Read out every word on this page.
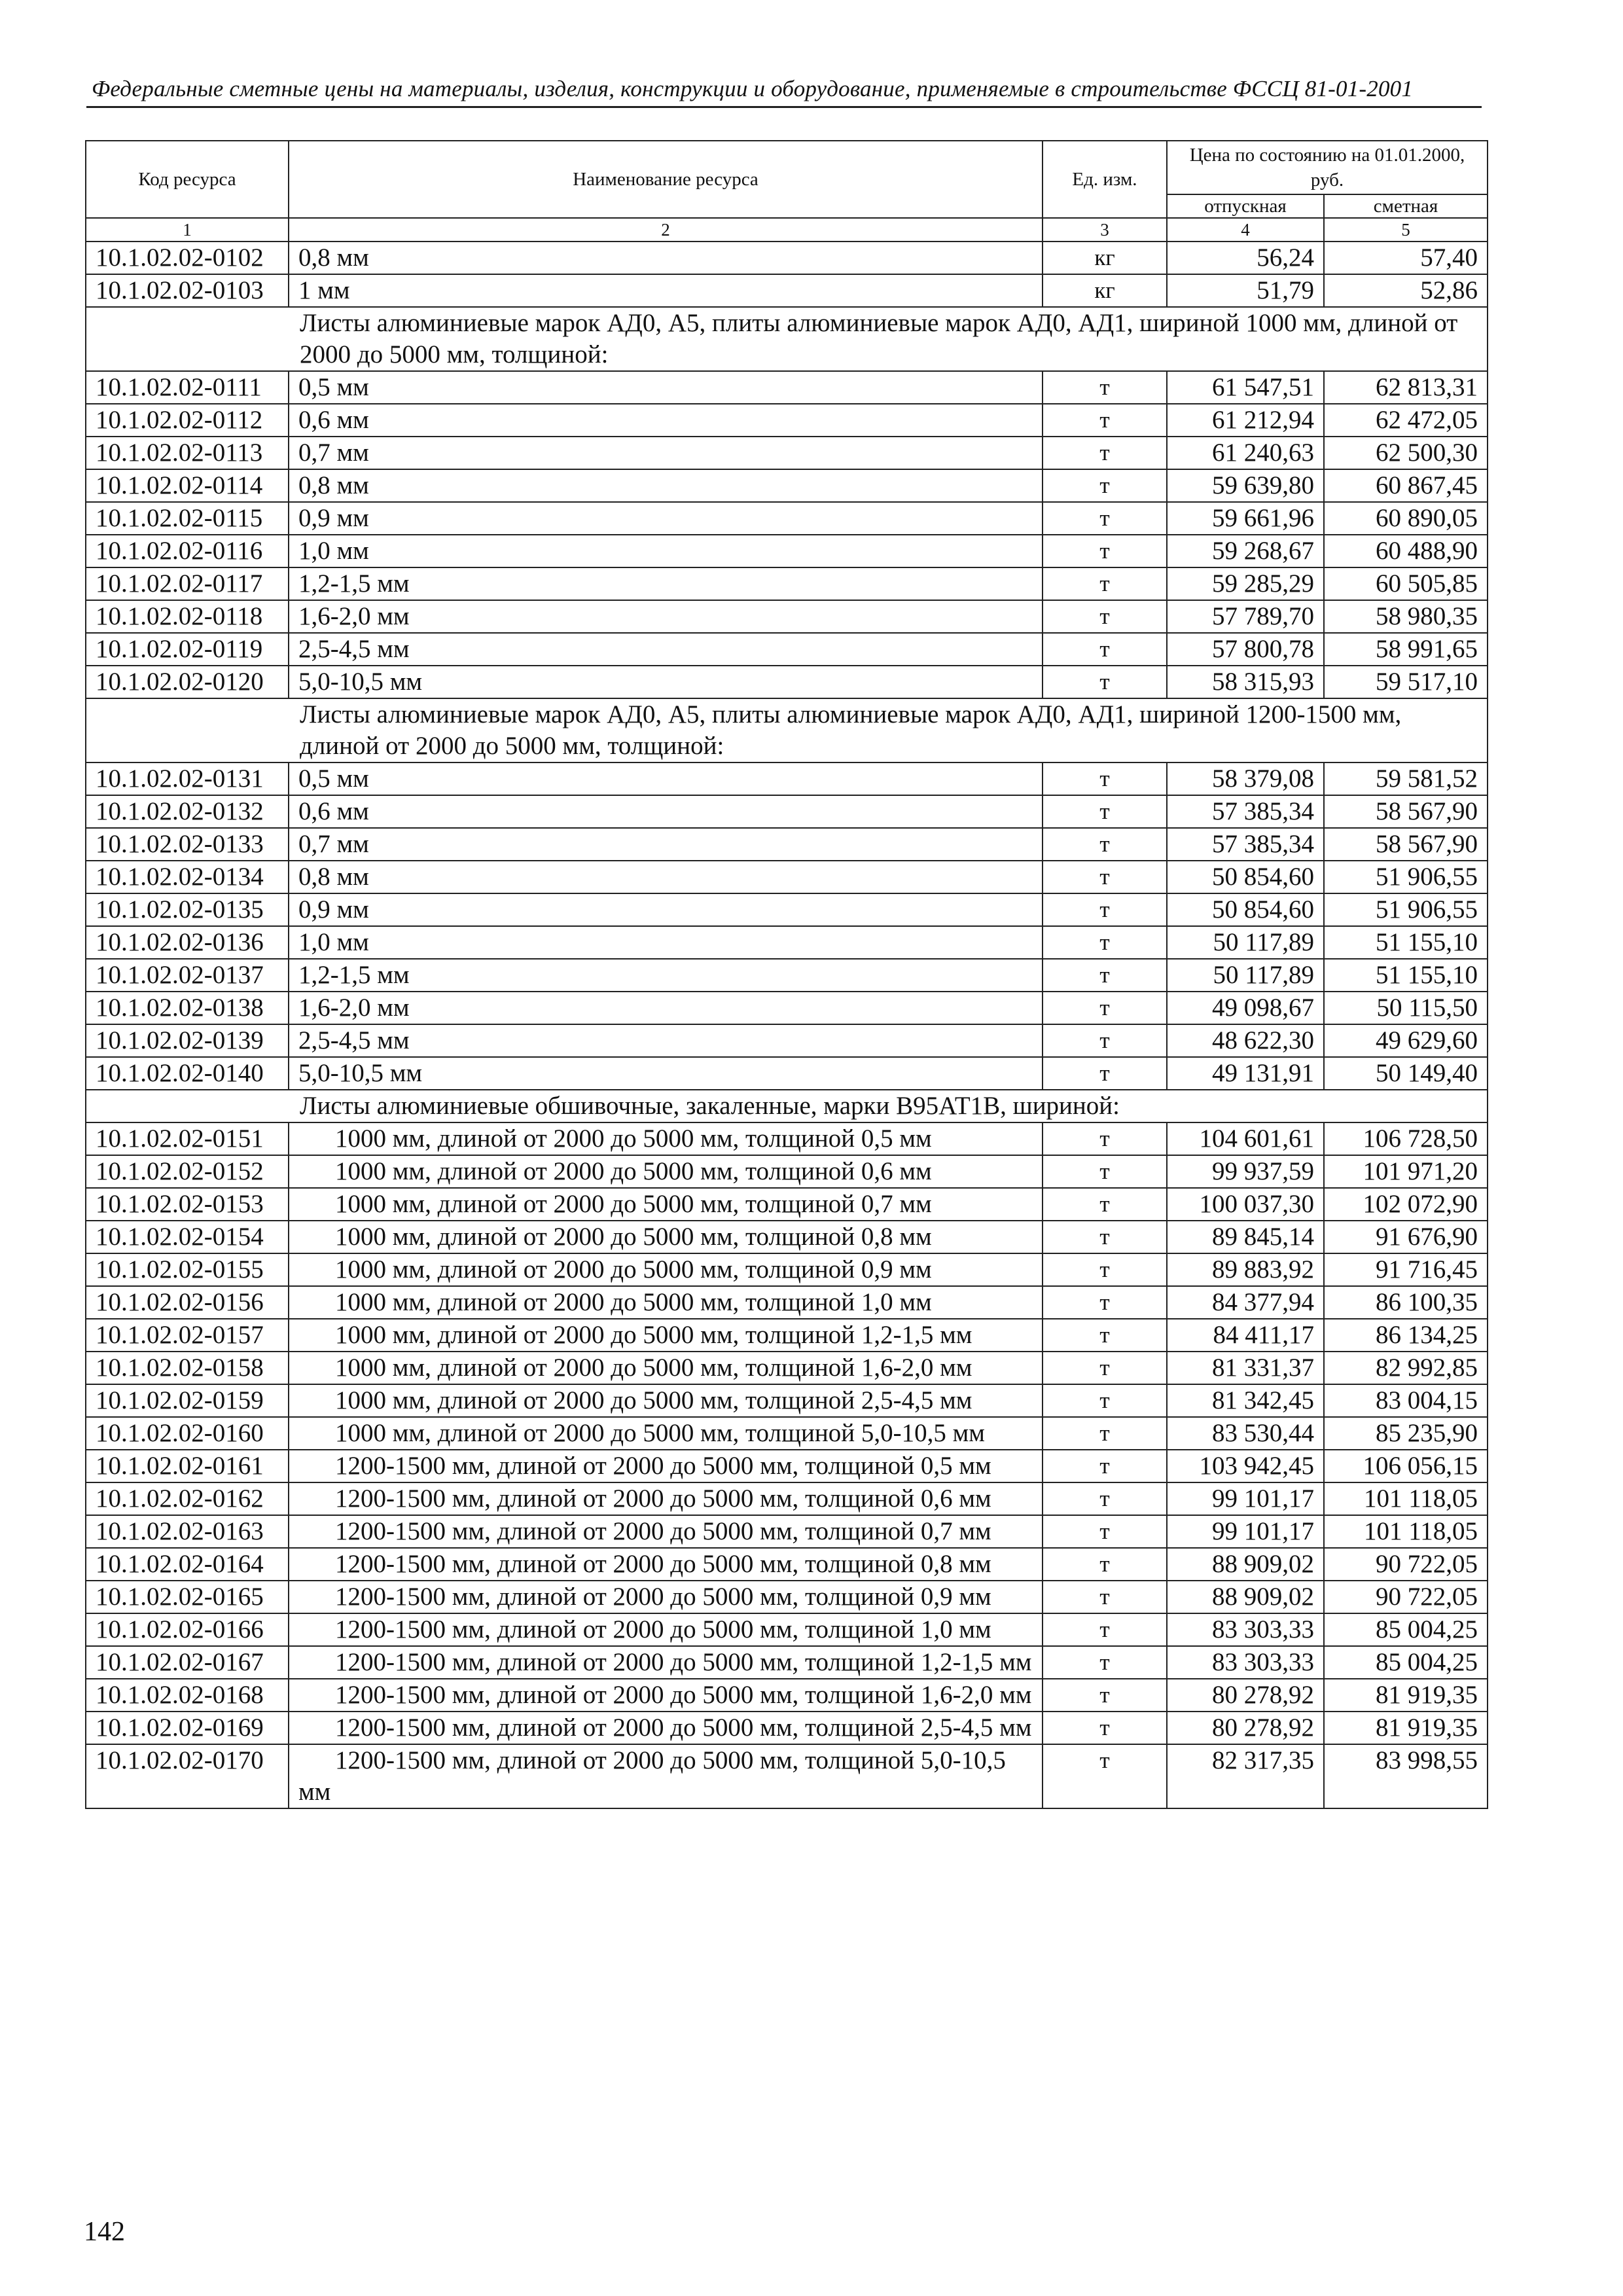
Федеральные сметные цены на материалы, изделия, конструкции и оборудование, применяемые в строительстве ФССЦ 81-01-2001
Код ресурса	Наименование ресурса	Ед. изм.	Цена по состоянию на 01.01.2000, руб.	
			отпускная	сметная
1	2	3	4	5
10.1.02.02-0102	0,8 мм	кг	56,24	57,40
10.1.02.02-0103	1 мм	кг	51,79	52,86
Листы алюминиевые марок АД0, А5, плиты алюминиевые марок АД0, АД1, шириной 1000 мм, длиной от 2000 до 5000 мм, толщиной:				
10.1.02.02-0111	0,5 мм	т	61 547,51	62 813,31
10.1.02.02-0112	0,6 мм	т	61 212,94	62 472,05
10.1.02.02-0113	0,7 мм	т	61 240,63	62 500,30
10.1.02.02-0114	0,8 мм	т	59 639,80	60 867,45
10.1.02.02-0115	0,9 мм	т	59 661,96	60 890,05
10.1.02.02-0116	1,0 мм	т	59 268,67	60 488,90
10.1.02.02-0117	1,2-1,5 мм	т	59 285,29	60 505,85
10.1.02.02-0118	1,6-2,0 мм	т	57 789,70	58 980,35
10.1.02.02-0119	2,5-4,5 мм	т	57 800,78	58 991,65
10.1.02.02-0120	5,0-10,5 мм	т	58 315,93	59 517,10
Листы алюминиевые марок АД0, А5, плиты алюминиевые марок АД0, АД1, шириной 1200-1500 мм, длиной от 2000 до 5000 мм, толщиной:				
10.1.02.02-0131	0,5 мм	т	58 379,08	59 581,52
10.1.02.02-0132	0,6 мм	т	57 385,34	58 567,90
10.1.02.02-0133	0,7 мм	т	57 385,34	58 567,90
10.1.02.02-0134	0,8 мм	т	50 854,60	51 906,55
10.1.02.02-0135	0,9 мм	т	50 854,60	51 906,55
10.1.02.02-0136	1,0 мм	т	50 117,89	51 155,10
10.1.02.02-0137	1,2-1,5 мм	т	50 117,89	51 155,10
10.1.02.02-0138	1,6-2,0 мм	т	49 098,67	50 115,50
10.1.02.02-0139	2,5-4,5 мм	т	48 622,30	49 629,60
10.1.02.02-0140	5,0-10,5 мм	т	49 131,91	50 149,40
Листы алюминиевые обшивочные, закаленные, марки В95АТ1В, шириной:				
10.1.02.02-0151	1000 мм, длиной от 2000 до 5000 мм, толщиной 0,5 мм	т	104 601,61	106 728,50
10.1.02.02-0152	1000 мм, длиной от 2000 до 5000 мм, толщиной 0,6 мм	т	99 937,59	101 971,20
10.1.02.02-0153	1000 мм, длиной от 2000 до 5000 мм, толщиной 0,7 мм	т	100 037,30	102 072,90
10.1.02.02-0154	1000 мм, длиной от 2000 до 5000 мм, толщиной 0,8 мм	т	89 845,14	91 676,90
10.1.02.02-0155	1000 мм, длиной от 2000 до 5000 мм, толщиной 0,9 мм	т	89 883,92	91 716,45
10.1.02.02-0156	1000 мм, длиной от 2000 до 5000 мм, толщиной 1,0 мм	т	84 377,94	86 100,35
10.1.02.02-0157	1000 мм, длиной от 2000 до 5000 мм, толщиной 1,2-1,5 мм	т	84 411,17	86 134,25
10.1.02.02-0158	1000 мм, длиной от 2000 до 5000 мм, толщиной 1,6-2,0 мм	т	81 331,37	82 992,85
10.1.02.02-0159	1000 мм, длиной от 2000 до 5000 мм, толщиной 2,5-4,5 мм	т	81 342,45	83 004,15
10.1.02.02-0160	1000 мм, длиной от 2000 до 5000 мм, толщиной 5,0-10,5 мм	т	83 530,44	85 235,90
10.1.02.02-0161	1200-1500 мм, длиной от 2000 до 5000 мм, толщиной 0,5 мм	т	103 942,45	106 056,15
10.1.02.02-0162	1200-1500 мм, длиной от 2000 до 5000 мм, толщиной 0,6 мм	т	99 101,17	101 118,05
10.1.02.02-0163	1200-1500 мм, длиной от 2000 до 5000 мм, толщиной 0,7 мм	т	99 101,17	101 118,05
10.1.02.02-0164	1200-1500 мм, длиной от 2000 до 5000 мм, толщиной 0,8 мм	т	88 909,02	90 722,05
10.1.02.02-0165	1200-1500 мм, длиной от 2000 до 5000 мм, толщиной 0,9 мм	т	88 909,02	90 722,05
10.1.02.02-0166	1200-1500 мм, длиной от 2000 до 5000 мм, толщиной 1,0 мм	т	83 303,33	85 004,25
10.1.02.02-0167	1200-1500 мм, длиной от 2000 до 5000 мм, толщиной 1,2-1,5 мм	т	83 303,33	85 004,25
10.1.02.02-0168	1200-1500 мм, длиной от 2000 до 5000 мм, толщиной 1,6-2,0 мм	т	80 278,92	81 919,35
10.1.02.02-0169	1200-1500 мм, длиной от 2000 до 5000 мм, толщиной 2,5-4,5 мм	т	80 278,92	81 919,35
10.1.02.02-0170	1200-1500 мм, длиной от 2000 до 5000 мм, толщиной 5,0-10,5 мм	т	82 317,35	83 998,55
142
